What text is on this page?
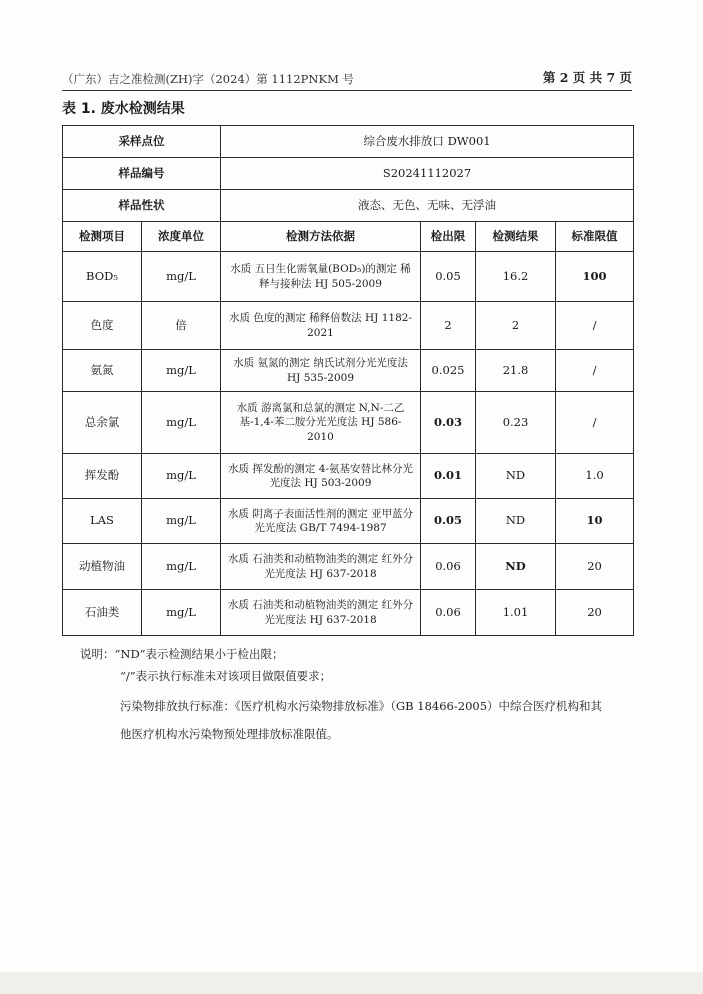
（广东）吉之准检测(ZH)字（2024）第 1112PNKM 号	第 2 页 共 7 页
表 1. 废水检测结果
采样点位		综合废水排放口 DW001			
样品编号		S20241112027			
样品性状		液态、无色、无味、无浮油			
检测项目	浓度单位	检测方法依据	检出限	检测结果	标准限值
BOD₅	mg/L	水质 五日生化需氧量(BOD₅)的测定 稀释与接种法 HJ 505-2009	0.05	16.2	100
色度	倍	水质 色度的测定 稀释倍数法 HJ 1182-2021	2	2	/
氨氮	mg/L	水质 氨氮的测定 纳氏试剂分光光度法 HJ 535-2009	0.025	21.8	/
总余氯	mg/L	水质 游离氯和总氯的测定 N,N-二乙基-1,4-苯二胺分光光度法 HJ 586-2010	0.03	0.23	/
挥发酚	mg/L	水质 挥发酚的测定 4-氨基安替比林分光光度法 HJ 503-2009	0.01	ND	1.0
LAS	mg/L	水质 阴离子表面活性剂的测定 亚甲蓝分光光度法 GB/T 7494-1987	0.05	ND	10
动植物油	mg/L	水质 石油类和动植物油类的测定 红外分光光度法 HJ 637-2018	0.06	ND	20
石油类	mg/L	水质 石油类和动植物油类的测定 红外分光光度法 HJ 637-2018	0.06	1.01	20
说明：“ND”表示检测结果小于检出限；
“/”表示执行标准未对该项目做限值要求；
污染物排放执行标准：《医疗机构水污染物排放标准》（GB 18466-2005）中综合医疗机构和其
他医疗机构水污染物预处理排放标准限值。
